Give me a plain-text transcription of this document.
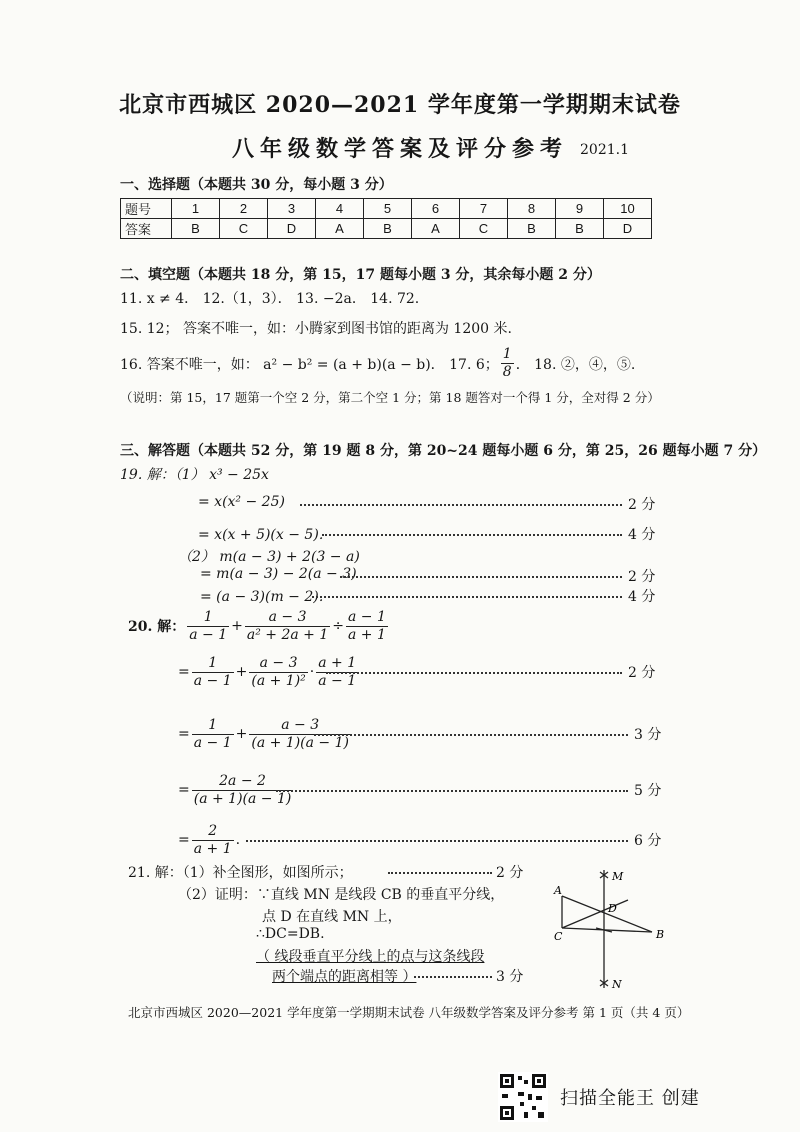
北京市西城区 2020—2021 学年度第一学期期末试卷
八年级数学答案及评分参考 2021.1
一、选择题（本题共 30 分，每小题 3 分）
题号	1	2	3	4	5	6	7	8	9	10
答案	B	C	D	A	B	A	C	B	B	D
二、填空题（本题共 18 分，第 15，17 题每小题 3 分，其余每小题 2 分）
11. x ≠ 4． 12.（1，3）． 13. −2a． 14. 72.
15. 12； 答案不唯一，如：小腾家到图书馆的距离为 1200 米.
16. 答案不唯一，如： a² − b² = (a + b)(a − b)． 17. 6； $\frac{1}{8}$ ． 18. ②，④，⑤.
（说明：第 15，17 题第一个空 2 分，第二个空 1 分；第 18 题答对一个得 1 分，全对得 2 分）
三、解答题（本题共 52 分，第 19 题 8 分，第 20~24 题每小题 6 分，第 25，26 题每小题 7 分）
19. 解：（1） x³ − 25x
= x(x² − 25)	2 分
= x(x + 5)(x − 5)．	4 分
（2） m(a − 3) + 2(3 − a)
= m(a − 3) − 2(a − 3)	2 分
= (a − 3)(m − 2)．	4 分
20. 解： $\frac{1}{a - 1} + \frac{a - 3}{\text{a² + 2a + 1}} \div \frac{a - 1}{a + 1}$
= $\frac{1}{a - 1} + \frac{a - 3}{\text{(a + 1)²}} \cdot \frac{a + 1}{a - 1}$	2 分
= $\frac{1}{a - 1} + \frac{a - 3}{(a + 1)(a - 1)}$	3 分
= $\frac{2a - 2}{(a + 1)(a - 1)}$	5 分
= $\frac{2}{a + 1}$ .	6 分
21. 解：（1）补全图形，如图所示；	2 分
（2）证明：∵直线 MN 是线段 CB 的垂直平分线，
点 D 在直线 MN 上，
∴DC=DB.
（ 线段垂直平分线上的点与这条线段
两个端点的距离相等 ）	3 分
A
C	B
D
M
N
北京市西城区 2020—2021 学年度第一学期期末试卷 八年级数学答案及评分参考 第 1 页（共 4 页）
扫描全能王 创建
